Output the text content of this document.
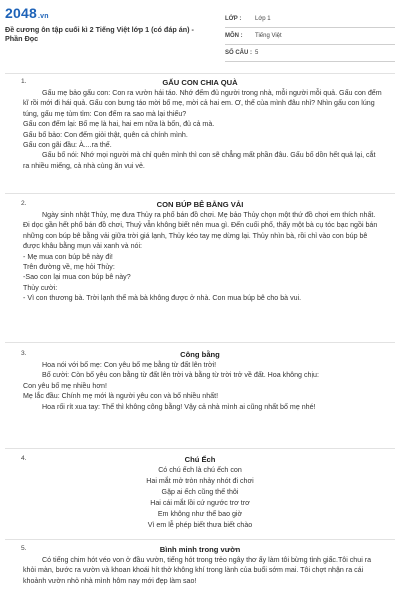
2048.vn
Đề cương ôn tập cuối kì 2 Tiếng Việt lớp 1 (có đáp án) - Phần Đọc
LỚP :	Lớp 1
MÔN :	Tiếng Việt
SỐ CÂU : 5
1.	GẤU CON CHIA QUÀ

Gấu mẹ bảo gấu con: Con ra vườn hái táo. Nhớ đếm đủ người trong nhà, mỗi người mỗi quả. Gấu con đếm kĩ rồi mới đi hái quả. Gấu con bưng táo mời bố mẹ, mời cả hai em. Ơ, thế của mình đâu nhỉ? Nhìn gấu con lúng túng, gấu mẹ tủm tỉm: Con đếm ra sao mà lại thiếu?

Gấu con đếm lại: Bố mẹ là hai, hai em nữa là bốn, đủ cả mà.

Gấu bố bảo: Con đếm giỏi thật, quên cả chính mình.

Gấu con gãi đầu: À....ra thế.

Gấu bố nói: Nhớ mọi người mà chỉ quên mình thì con sẽ chẳng mất phần đâu. Gấu bố dồn hết quả lại, cắt ra nhiều miếng, cả nhà cùng ăn vui vẻ.

2.	CON BÚP BÊ BẰNG VẢI

Ngày sinh nhật Thủy, mẹ đưa Thủy ra phố bán đồ chơi. Mẹ bảo Thủy chọn một thứ đồ chơi em thích nhất. Đi dọc gần hết phố bán đồ chơi, Thuỷ vẫn không biết nên mua gì. Đến cuối phố, thấy một bà cụ tóc bạc ngồi bán những con búp bê bằng vải giữa trời giá lạnh, Thủy kéo tay mẹ dừng lại. Thủy nhìn bà, rồi chỉ vào con búp bê được khâu bằng mụn vải xanh và nói:

- Mẹ mua con búp bê này đi!

Trên đường về, mẹ hỏi Thủy:

-Sao con lại mua con búp bê này?

Thủy cười:

- Vì con thương bà. Trời lạnh thế mà bà không được ở nhà. Con mua búp bê cho bà vui.

3.	Công bằng

Hoa nói với bố mẹ: Con yêu bố mẹ bằng từ đất lên trời!

Bố cười: Còn bố yêu con bằng từ đất lên trời và bằng từ trời trở về đất. Hoa không chịu:

Con yêu bố mẹ nhiều hơn!

Mẹ lắc đầu: Chính mẹ mới là người yêu con và bố nhiều nhất!

Hoa rối rít xua tay: Thế thì không công bằng! Vậy cả nhà mình ai cũng nhất bố mẹ nhé!

4.	Chú Ếch
Có chú ếch là chú ếch con
Hai mắt mở tròn nhảy nhót đi chơi
Gặp ai ếch cũng thế thôi
Hai cái mắt lồi cứ ngước trơ trơ
Em không như thế bao giờ
Vì em lễ phép biết thưa biết chào
5.	Bình minh trong vườn

Có tiếng chim hót véo von ở đầu vườn, tiếng hót trong trẻo ngây thơ ấy làm tôi bừng tỉnh giấc.Tôi chui ra khỏi màn, bước ra vườn và khoan khoái hít thở không khí trong lành của buổi sớm mai. Tôi chợt nhận ra cái khoảnh vườn nhỏ nhà mình hôm nay mới đẹp làm sao!
